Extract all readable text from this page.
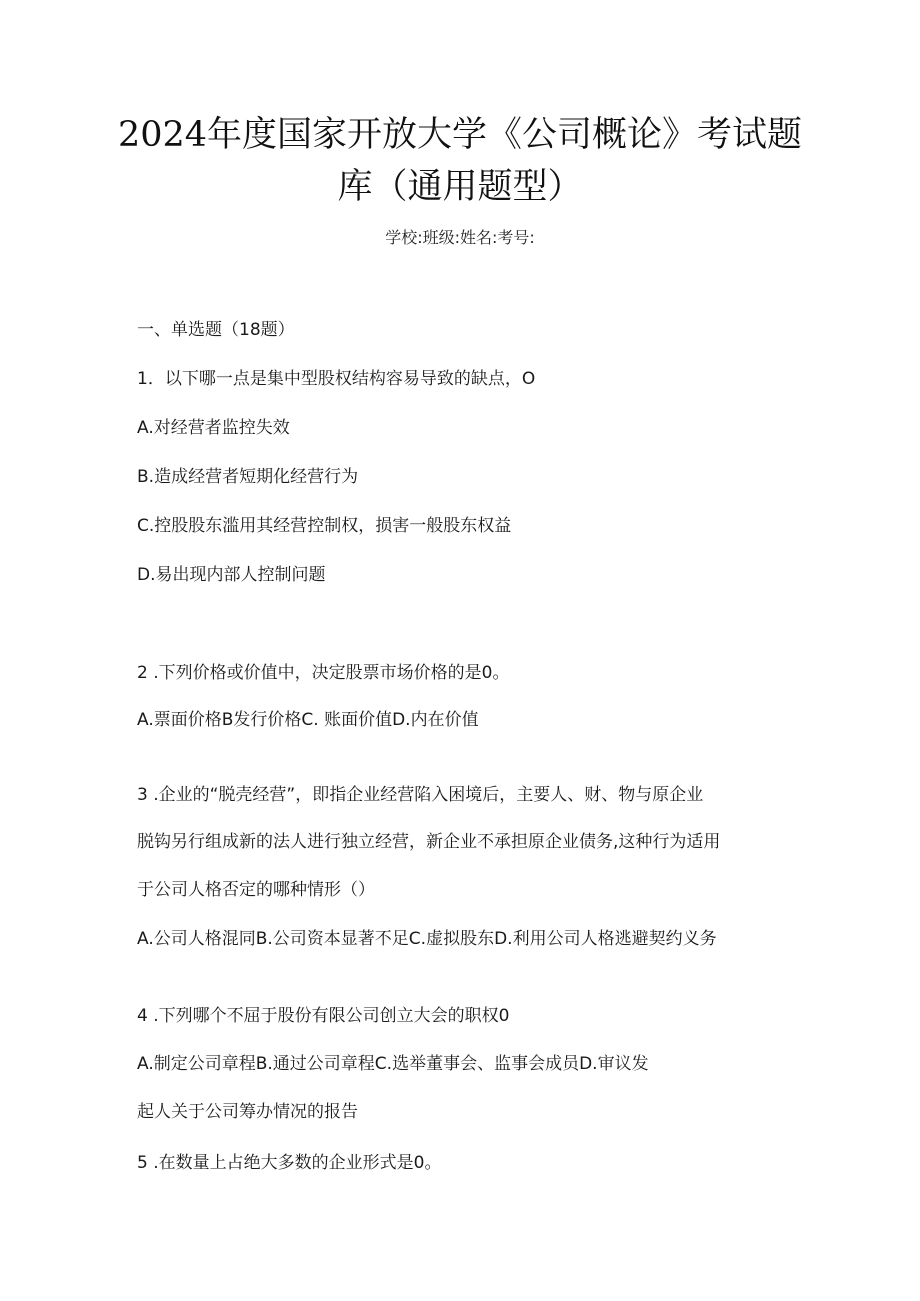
2024年度国家开放大学《公司概论》考试题
库（通用题型）
学校:班级:姓名:考号:
一、单选题（18题）
1．以下哪一点是集中型股权结构容易导致的缺点，O
A.对经营者监控失效
B.造成经营者短期化经营行为
C.控股股东滥用其经营控制权，损害一般股东权益
D.易出现内部人控制问题
2 .下列价格或价值中，决定股票市场价格的是0。
A.票面价格B发行价格C. 账面价值D.内在价值
3 .企业的“脱壳经营”，即指企业经营陷入困境后，主要人、财、物与原企业
脱钩另行组成新的法人进行独立经营，新企业不承担原企业债务,这种行为适用
于公司人格否定的哪种情形（）
A.公司人格混同B.公司资本显著不足C.虚拟股东D.利用公司人格逃避契约义务
4 .下列哪个不屈于股份有限公司创立大会的职权0
A.制定公司章程B.通过公司章程C.选举董事会、监事会成员D.审议发
起人关于公司筹办情况的报告
5 .在数量上占绝大多数的企业形式是0。
